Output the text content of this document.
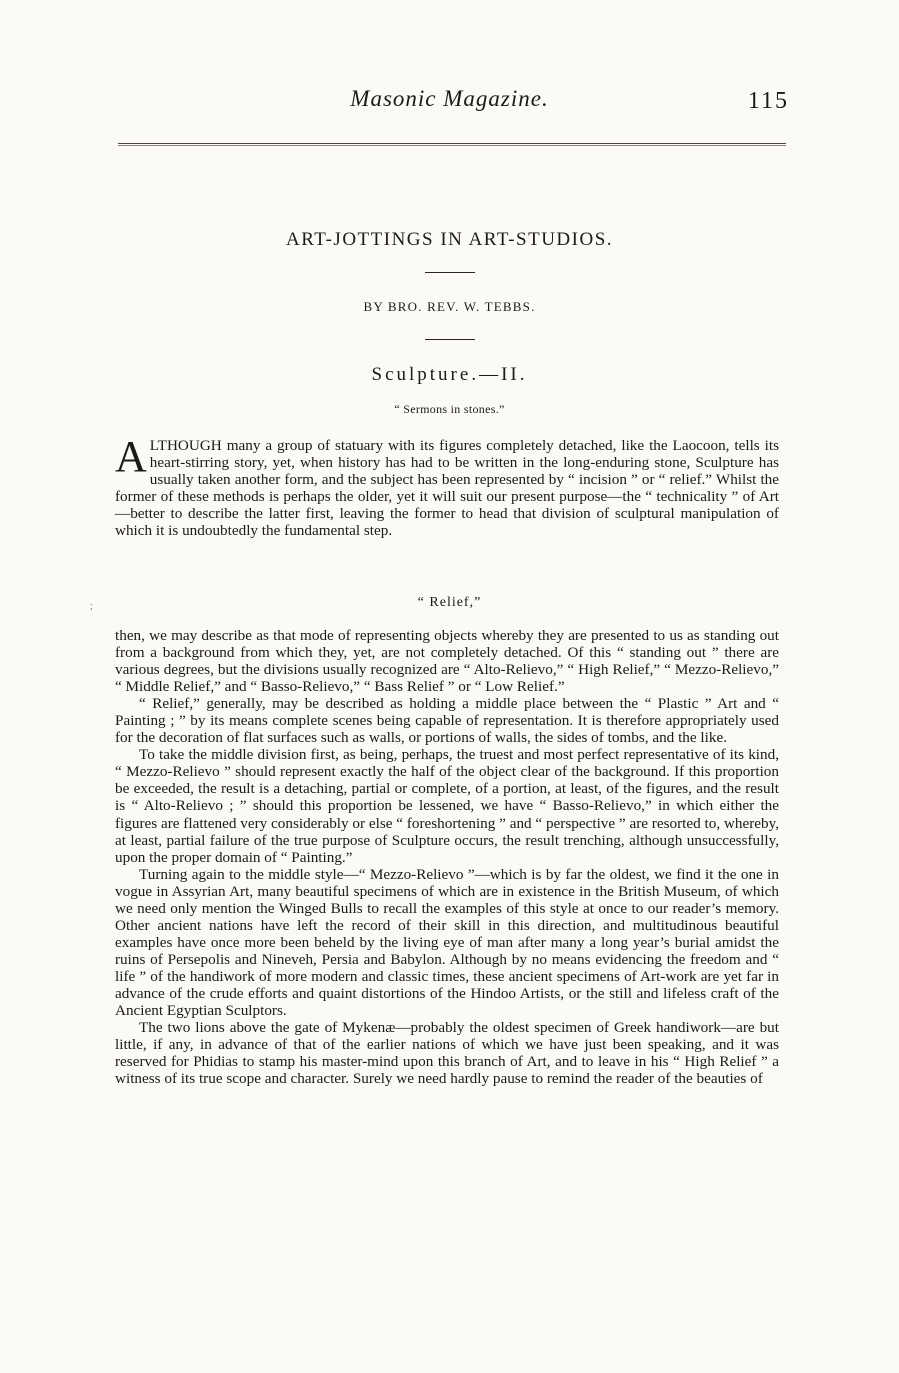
Masonic Magazine.	115
ART-JOTTINGS IN ART-STUDIOS.
BY BRO. REV. W. TEBBS.
Sculpture.—II.
“ Sermons in stones.”

ALTHOUGH many a group of statuary with its figures completely detached, like the Laocoon, tells its heart-stirring story, yet, when history has had to be written in the long-enduring stone, Sculpture has usually taken another form, and the subject has been represented by “ incision ” or “ relief.” Whilst the former of these methods is perhaps the older, yet it will suit our present purpose—the “ technicality ” of Art—better to describe the latter first, leaving the former to head that division of sculptural manipulation of which it is undoubtedly the fundamental step.

;	“ Relief,”

then, we may describe as that mode of representing objects whereby they are presented to us as standing out from a background from which they, yet, are not completely detached. Of this “ standing out ” there are various degrees, but the divisions usually recognized are “ Alto-Relievo,” “ High Relief,” “ Mezzo-Relievo,” “ Middle Relief,” and “ Basso-Relievo,” “ Bass Relief ” or “ Low Relief.”

“ Relief,” generally, may be described as holding a middle place between the “ Plastic ” Art and “ Painting ; ” by its means complete scenes being capable of representation. It is therefore appropriately used for the decoration of flat surfaces such as walls, or portions of walls, the sides of tombs, and the like.

To take the middle division first, as being, perhaps, the truest and most perfect representative of its kind, “ Mezzo-Relievo ” should represent exactly the half of the object clear of the background. If this proportion be exceeded, the result is a detaching, partial or complete, of a portion, at least, of the figures, and the result is “ Alto-Relievo ; ” should this proportion be lessened, we have “ Basso-Relievo,” in which either the figures are flattened very considerably or else “ foreshortening ” and “ perspective ” are resorted to, whereby, at least, partial failure of the true purpose of Sculpture occurs, the result trenching, although unsuccessfully, upon the proper domain of “ Painting.”

Turning again to the middle style—“ Mezzo-Relievo ”—which is by far the oldest, we find it the one in vogue in Assyrian Art, many beautiful specimens of which are in existence in the British Museum, of which we need only mention the Winged Bulls to recall the examples of this style at once to our reader’s memory. Other ancient nations have left the record of their skill in this direction, and multitudinous beautiful examples have once more been beheld by the living eye of man after many a long year’s burial amidst the ruins of Persepolis and Nineveh, Persia and Babylon. Although by no means evidencing the freedom and “ life ” of the handiwork of more modern and classic times, these ancient specimens of Art-work are yet far in advance of the crude efforts and quaint distortions of the Hindoo Artists, or the still and lifeless craft of the Ancient Egyptian Sculptors.

The two lions above the gate of Mykenæ—probably the oldest specimen of Greek handiwork—are but little, if any, in advance of that of the earlier nations of which we have just been speaking, and it was reserved for Phidias to stamp his master-mind upon this branch of Art, and to leave in his “ High Relief ” a witness of its true scope and character. Surely we need hardly pause to remind the reader of the beauties of
